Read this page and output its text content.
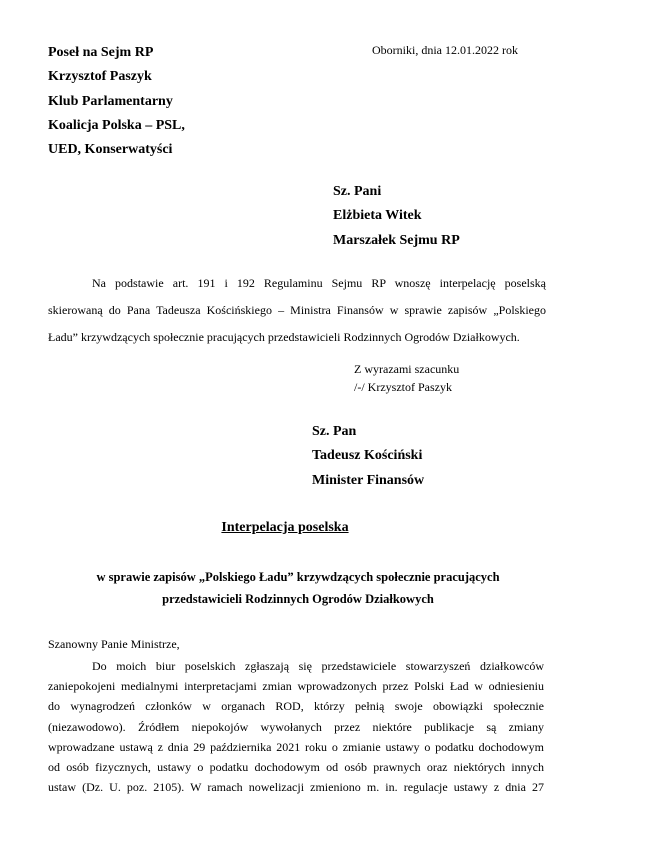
Poseł na Sejm RP
Krzysztof Paszyk
Klub Parlamentarny
Koalicja Polska – PSL,
UED, Konserwatyści
Oborniki, dnia 12.01.2022 rok
Sz. Pani
Elżbieta Witek
Marszałek Sejmu RP
Na podstawie art. 191 i 192 Regulaminu Sejmu RP wnoszę interpelację poselską
skierowaną do Pana Tadeusza Kościńskiego – Ministra Finansów w sprawie zapisów „Polskiego
Ładu” krzywdzących społecznie pracujących przedstawicieli Rodzinnych Ogrodów Działkowych.
Z wyrazami szacunku
/-/ Krzysztof Paszyk
Sz. Pan
Tadeusz Kościński
Minister Finansów
Interpelacja poselska
w sprawie zapisów „Polskiego Ładu” krzywdzących społecznie pracujących
przedstawicieli Rodzinnych Ogrodów Działkowych
Szanowny Panie Ministrze,
Do moich biur poselskich zgłaszają się przedstawiciele stowarzyszeń działkowców
zaniepokojeni medialnymi interpretacjami zmian wprowadzonych przez Polski Ład w odniesieniu
do wynagrodzeń członków w organach ROD, którzy pełnią swoje obowiązki społecznie
(niezawodowo). Źródłem niepokojów wywołanych przez niektóre publikacje są zmiany
wprowadzane ustawą z dnia 29 października 2021 roku o zmianie ustawy o podatku dochodowym
od osób fizycznych, ustawy o podatku dochodowym od osób prawnych oraz niektórych innych
ustaw (Dz. U. poz. 2105). W ramach nowelizacji zmieniono m. in. regulacje ustawy z dnia 27
